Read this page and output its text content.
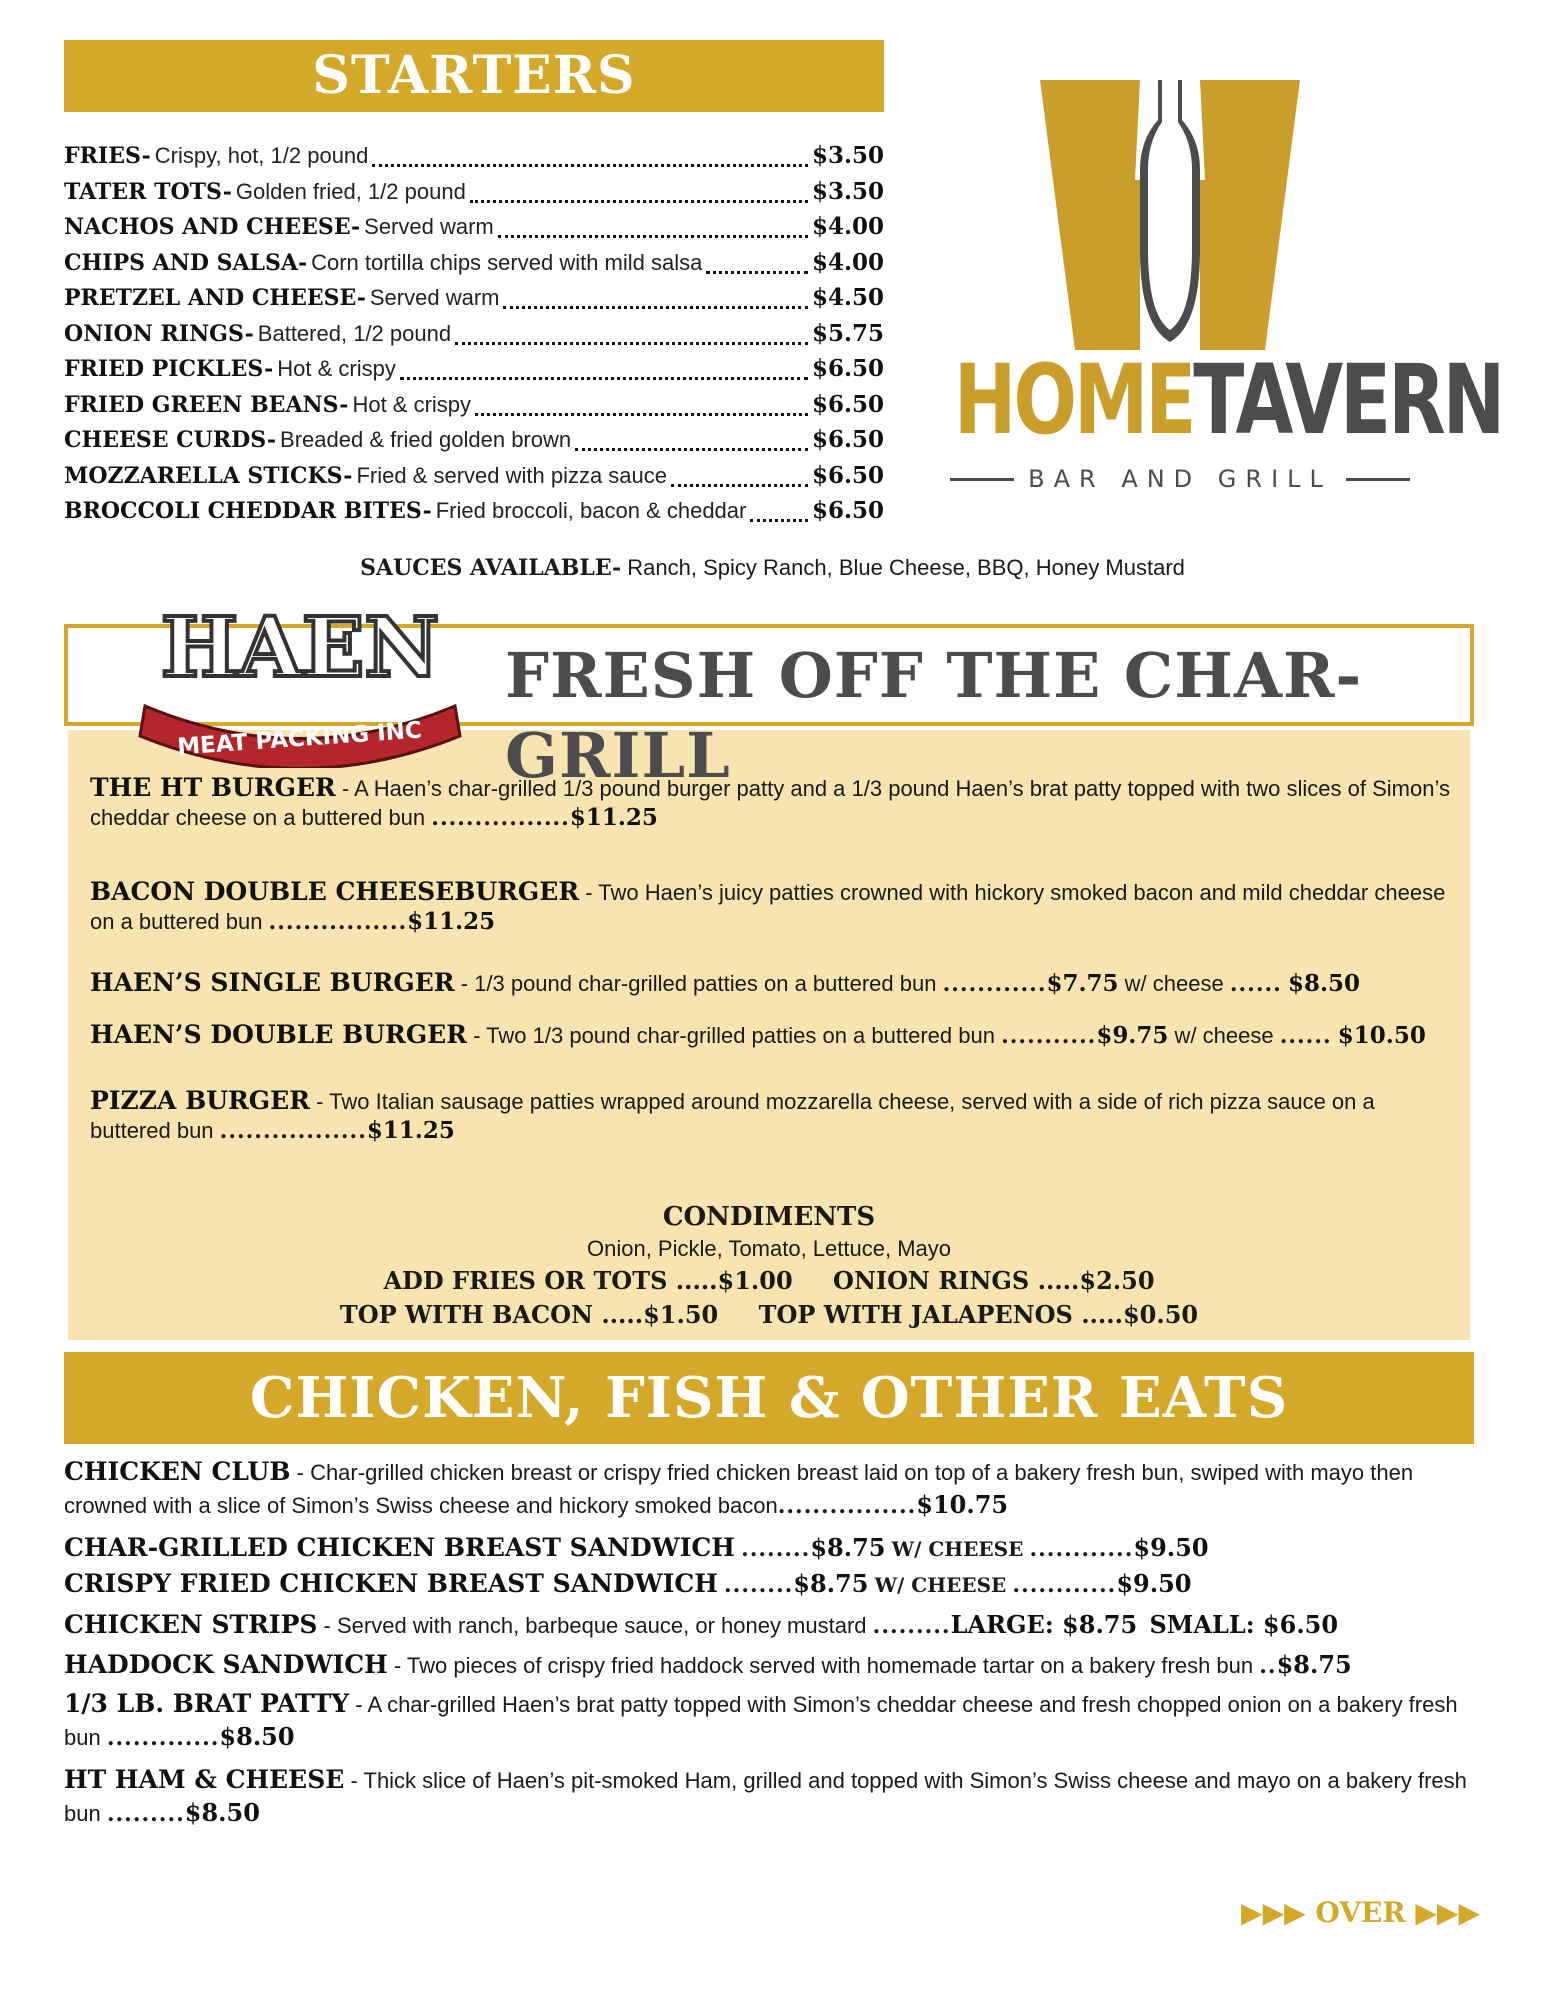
STARTERS
FRIES- Crispy, hot, 1/2 pound	$3.50
TATER TOTS- Golden fried, 1/2 pound	$3.50
NACHOS AND CHEESE- Served warm	$4.00
CHIPS AND SALSA- Corn tortilla chips served with mild salsa	$4.00
PRETZEL AND CHEESE- Served warm	$4.50
ONION RINGS- Battered, 1/2 pound	$5.75
FRIED PICKLES- Hot & crispy	$6.50
FRIED GREEN BEANS- Hot & crispy	$6.50
CHEESE CURDS- Breaded & fried golden brown	$6.50
MOZZARELLA STICKS- Fried & served with pizza sauce	$6.50
BROCCOLI CHEDDAR BITES- Fried broccoli, bacon & cheddar	$6.50
HOMETAVERN
BAR AND GRILL
SAUCES AVAILABLE- Ranch, Spicy Ranch, Blue Cheese, BBQ, Honey Mustard
FRESH OFF THE CHAR-GRILL
HAEN
MEAT PACKING INC
THE HT BURGER - A Haen’s char-grilled 1/3 pound burger patty and a 1/3 pound Haen’s brat patty topped with two slices of Simon’s cheddar cheese on a buttered bun ................$11.25
BACON DOUBLE CHEESEBURGER - Two Haen’s juicy patties crowned with hickory smoked bacon and mild cheddar cheese on a buttered bun ................$11.25
HAEN’S SINGLE BURGER - 1/3 pound char-grilled patties on a buttered bun ............$7.75 w/ cheese ...... $8.50
HAEN’S DOUBLE BURGER - Two 1/3 pound char-grilled patties on a buttered bun ...........$9.75 w/ cheese ...... $10.50
PIZZA BURGER - Two Italian sausage patties wrapped around mozzarella cheese, served with a side of rich pizza sauce on a buttered bun .................$11.25
CONDIMENTS
Onion, Pickle, Tomato, Lettuce, Mayo
ADD FRIES OR TOTS .....$1.00 ONION RINGS .....$2.50
TOP WITH BACON .....$1.50 TOP WITH JALAPENOS .....$0.50
CHICKEN, FISH & OTHER EATS
CHICKEN CLUB - Char-grilled chicken breast or crispy fried chicken breast laid on top of a bakery fresh bun, swiped with mayo then crowned with a slice of Simon’s Swiss cheese and hickory smoked bacon................$10.75
CHAR-GRILLED CHICKEN BREAST SANDWICH ........$8.75 W/ CHEESE ............$9.50
CRISPY FRIED CHICKEN BREAST SANDWICH ........$8.75 W/ CHEESE ............$9.50
CHICKEN STRIPS - Served with ranch, barbeque sauce, or honey mustard .........LARGE: $8.75 SMALL: $6.50
HADDOCK SANDWICH - Two pieces of crispy fried haddock served with homemade tartar on a bakery fresh bun ..$8.75
1/3 LB. BRAT PATTY - A char-grilled Haen’s brat patty topped with Simon’s cheddar cheese and fresh chopped onion on a bakery fresh bun .............$8.50
HT HAM & CHEESE - Thick slice of Haen’s pit-smoked Ham, grilled and topped with Simon’s Swiss cheese and mayo on a bakery fresh bun .........$8.50
▶▶▶ OVER ▶▶▶
